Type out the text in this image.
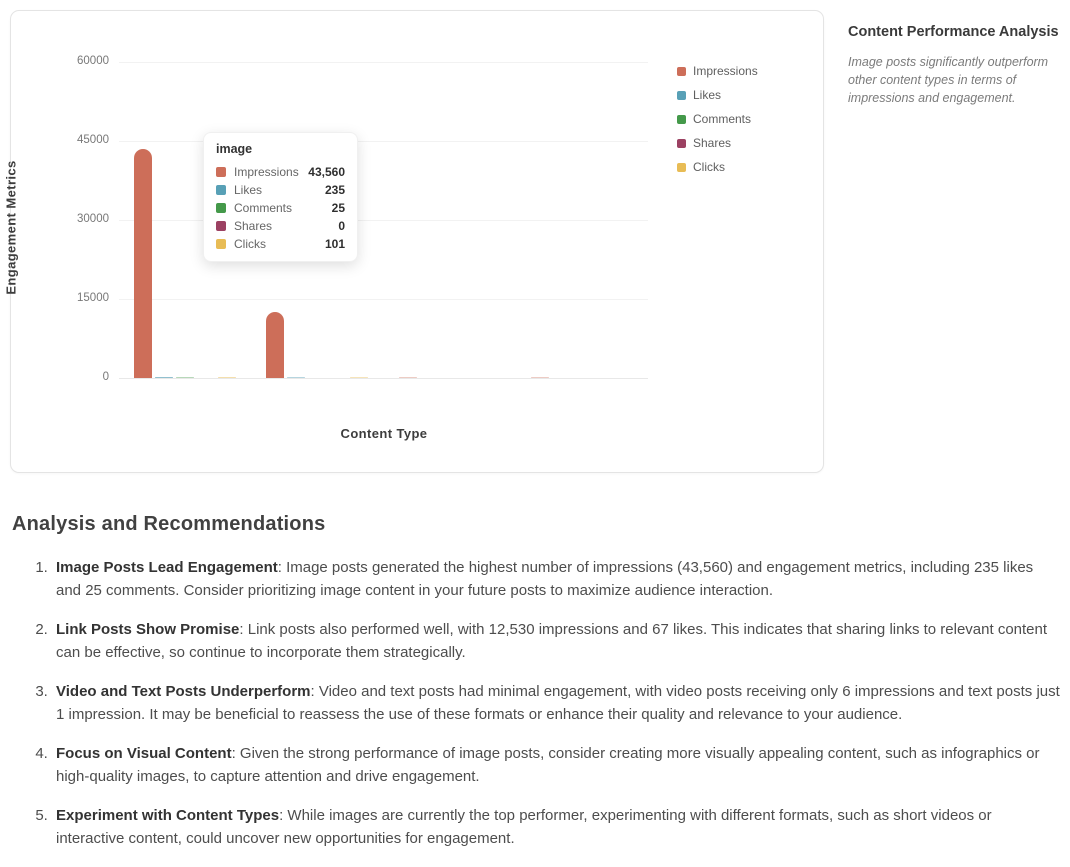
Engagement Metrics
Content Type
0
15000
30000
45000
60000
Impressions
Likes
Comments
Shares
Clicks
image
Impressions 43,560
Likes	235
Comments	25
Shares	0
Clicks	101
Content Performance Analysis

Image posts significantly outperform other content types in terms of impressions and engagement.

Analysis and Recommendations
1. Image Posts Lead Engagement: Image posts generated the highest number of impressions (43,560) and engagement metrics, including 235 likes and 25 comments. Consider prioritizing image content in your future posts to maximize audience interaction.
2. Link Posts Show Promise: Link posts also performed well, with 12,530 impressions and 67 likes. This indicates that sharing links to relevant content can be effective, so continue to incorporate them strategically.
3. Video and Text Posts Underperform: Video and text posts had minimal engagement, with video posts receiving only 6 impressions and text posts just 1 impression. It may be beneficial to reassess the use of these formats or enhance their quality and relevance to your audience.
4. Focus on Visual Content: Given the strong performance of image posts, consider creating more visually appealing content, such as infographics or high-quality images, to capture attention and drive engagement.
5. Experiment with Content Types: While images are currently the top performer, experimenting with different formats, such as short videos or interactive content, could uncover new opportunities for engagement.
